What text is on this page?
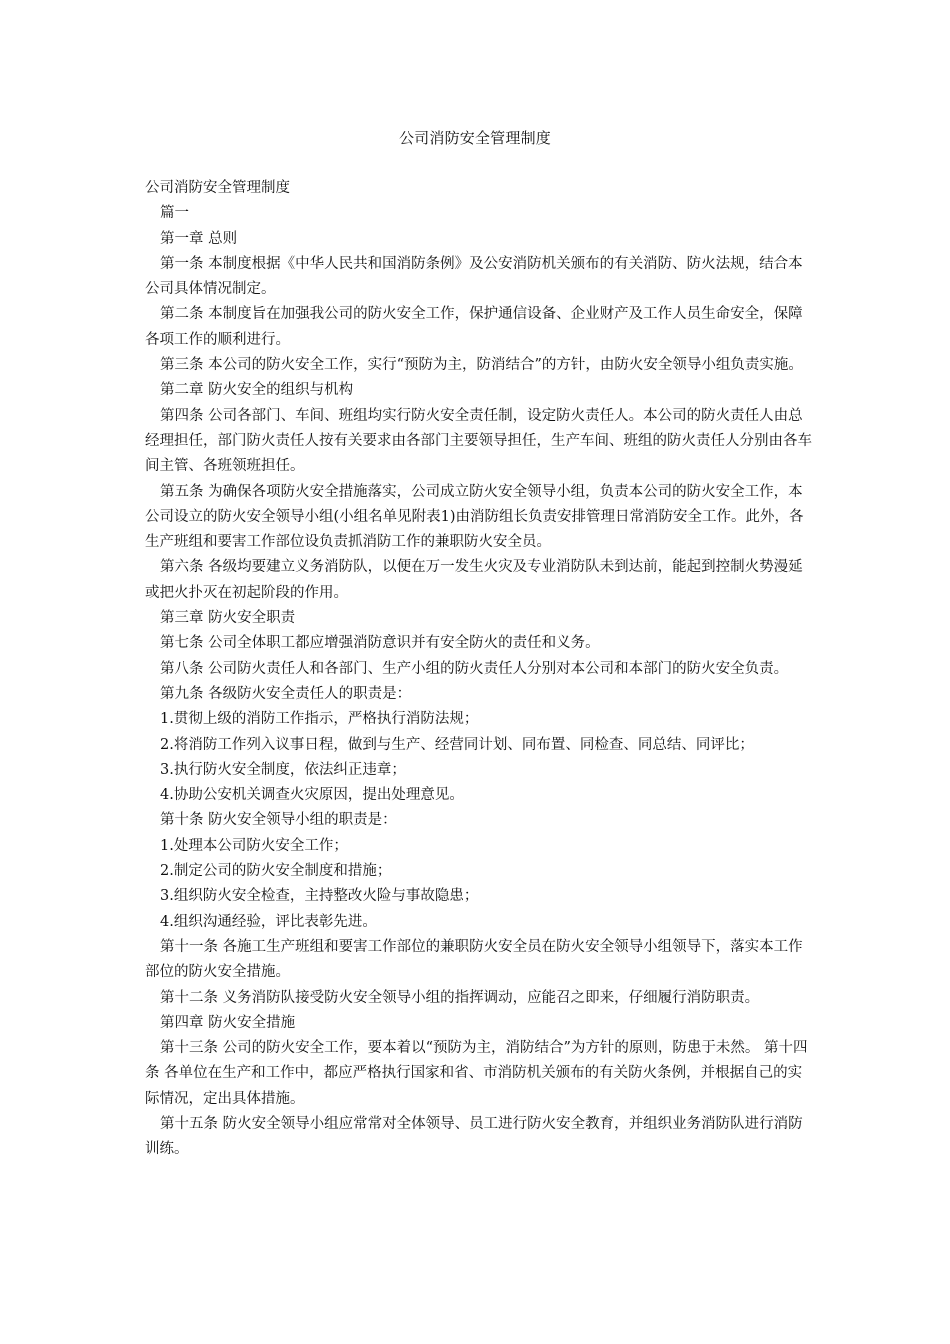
公司消防安全管理制度

公司消防安全管理制度

篇一

第一章 总则

第一条 本制度根据《中华人民共和国消防条例》及公安消防机关颁布的有关消防、防火法规，结合本公司具体情况制定。

第二条 本制度旨在加强我公司的防火安全工作，保护通信设备、企业财产及工作人员生命安全，保障各项工作的顺利进行。

第三条 本公司的防火安全工作，实行“预防为主，防消结合”的方针，由防火安全领导小组负责实施。

第二章 防火安全的组织与机构

第四条 公司各部门、车间、班组均实行防火安全责任制，设定防火责任人。本公司的防火责任人由总经理担任，部门防火责任人按有关要求由各部门主要领导担任，生产车间、班组的防火责任人分别由各车间主管、各班领班担任。

第五条 为确保各项防火安全措施落实，公司成立防火安全领导小组，负责本公司的防火安全工作，本公司设立的防火安全领导小组(小组名单见附表1)由消防组长负责安排管理日常消防安全工作。此外，各生产班组和要害工作部位设负责抓消防工作的兼职防火安全员。

第六条 各级均要建立义务消防队，以便在万一发生火灾及专业消防队未到达前，能起到控制火势漫延或把火扑灭在初起阶段的作用。

第三章 防火安全职责

第七条 公司全体职工都应增强消防意识并有安全防火的责任和义务。

第八条 公司防火责任人和各部门、生产小组的防火责任人分别对本公司和本部门的防火安全负责。

第九条 各级防火安全责任人的职责是：

1.贯彻上级的消防工作指示，严格执行消防法规；

2.将消防工作列入议事日程，做到与生产、经营同计划、同布置、同检查、同总结、同评比；

3.执行防火安全制度，依法纠正违章；

4.协助公安机关调查火灾原因，提出处理意见。

第十条 防火安全领导小组的职责是：

1.处理本公司防火安全工作；

2.制定公司的防火安全制度和措施；

3.组织防火安全检查，主持整改火险与事故隐患；

4.组织沟通经验，评比表彰先进。

第十一条 各施工生产班组和要害工作部位的兼职防火安全员在防火安全领导小组领导下，落实本工作部位的防火安全措施。

第十二条 义务消防队接受防火安全领导小组的指挥调动，应能召之即来，仔细履行消防职责。

第四章 防火安全措施

第十三条 公司的防火安全工作，要本着以“预防为主，消防结合”为方针的原则，防患于未然。 第十四条 各单位在生产和工作中，都应严格执行国家和省、市消防机关颁布的有关防火条例，并根据自己的实际情况，定出具体措施。

第十五条 防火安全领导小组应常常对全体领导、员工进行防火安全教育，并组织业务消防队进行消防训练。
